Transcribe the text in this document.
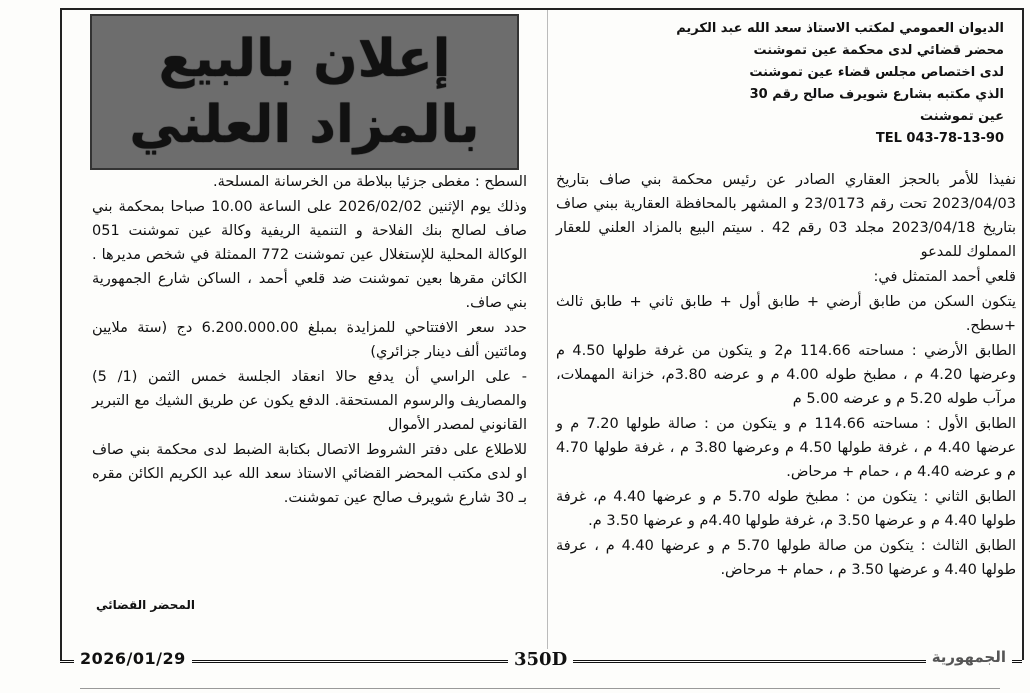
الديوان العمومي لمكتب الاستاذ سعد الله عبد الكريم
محضر قضائي لدى محكمة عين تموشنت
لدى اختصاص مجلس قضاء عين تموشنت
الذي مكتبه بشارع شويرف صالح رقم 30
عين تموشنت
TEL 043-78-13-90
إعلان بالبيع
بالمزاد العلني

نفيذا للأمر بالحجز العقاري الصادر عن رئيس محكمة بني صاف بتاريخ 2023/04/03 تحت رقم 23/0173 و المشهر بالمحافظة العقارية ببني صاف بتاريخ 2023/04/18 مجلد 03 رقم 42 . سيتم البيع بالمزاد العلني للعقار المملوك للمدعو

قلعي أحمد المتمثل في:

يتكون السكن من طابق أرضي + طابق أول + طابق ثاني + طابق ثالث +سطح.

الطابق الأرضي : مساحته 114.66 م2 و يتكون من غرفة طولها 4.50 م وعرضها 4.20 م ، مطبخ طوله 4.00 م و عرضه 3.80م، خزانة المهملات، مرآب طوله 5.20 م و عرضه 5.00 م

الطابق الأول : مساحته 114.66 م و يتكون من : صالة طولها 7.20 م و عرضها 4.40 م ، غرفة طولها 4.50 م وعرضها 3.80 م ، غرفة طولها 4.70 م و عرضه 4.40 م ، حمام + مرحاض.

الطابق الثاني : يتكون من : مطبخ طوله 5.70 م و عرضها 4.40 م، غرفة طولها 4.40 م و عرضها 3.50 م، غرفة طولها 4.40م و عرضها 3.50 م.

الطابق الثالث : يتكون من صالة طولها 5.70 م و عرضها 4.40 م ، عرفة طولها 4.40 و عرضها 3.50 م ، حمام + مرحاض.

السطح : مغطى جزئيا ببلاطة من الخرسانة المسلحة.

وذلك يوم الإثنين 2026/02/02 على الساعة 10.00 صباحا بمحكمة بني صاف لصالح بنك الفلاحة و التنمية الريفية وكالة عين تموشنت 051 الوكالة المحلية للإستغلال عين تموشنت 772 الممثلة في شخص مديرها . الكائن مقرها بعين تموشنت ضد قلعي أحمد ، الساكن شارع الجمهورية بني صاف.

حدد سعر الافتتاحي للمزايدة بمبلغ 6.200.000.00 دج (ستة ملايين ومائتين ألف دينار جزائري)

- على الراسي أن يدفع حالا انعقاد الجلسة خمس الثمن (1/ 5) والمصاريف والرسوم المستحقة. الدفع يكون عن طريق الشيك مع التبرير القانوني لمصدر الأموال

للاطلاع على دفتر الشروط الاتصال بكتابة الضبط لدى محكمة بني صاف او لدى مكتب المحضر القضائي الاستاذ سعد الله عبد الكريم الكائن مقره بـ 30 شارع شويرف صالح عين تموشنت.

المحضر القضائي
2026/01/29	350D	الجمهورية
